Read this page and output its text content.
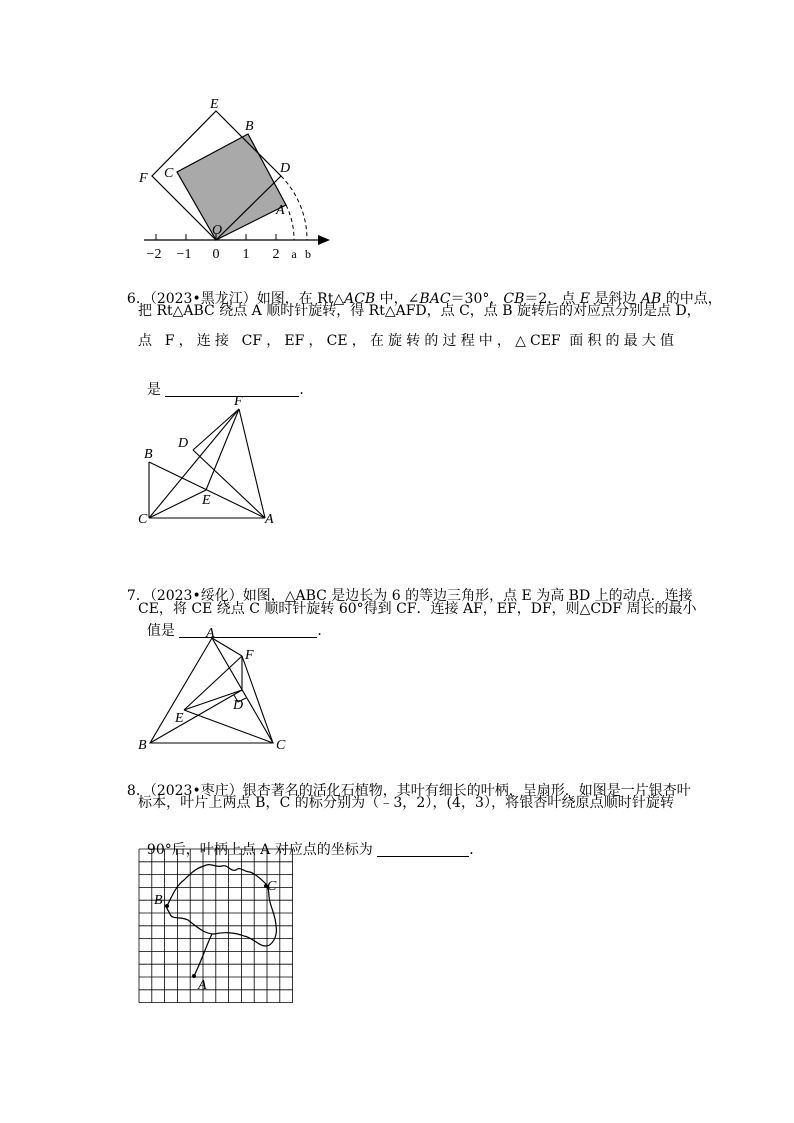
−2 −1 0 1 2 a b
E
B
F C	D
A
O

6．（2023•黑龙江）如图，在 Rt△ACB 中，∠BAC＝30°，CB＝2，点 E 是斜边 AB 的中点，

把 Rt△ABC 绕点 A 顺时针旋转，得 Rt△AFD，点 C，点 B 旋转后的对应点分别是点 D，
点 F，连接 CF，EF，CE，在旋转的过程中，△CEF 面积的最大值

是	．

F
D
B
E
C	A

7．（2023•绥化）如图，△ABC 是边长为 6 的等边三角形，点 E 为高 BD 上的动点．连接

CE，将 CE 绕点 C 顺时针旋转 60°得到 CF．连接 AF，EF，DF，则△CDF 周长的最小

值是	．

A
F
D
E
B	C

8．（2023•枣庄）银杏著名的活化石植物，其叶有细长的叶柄，呈扇形．如图是一片银杏叶

标本，叶片上两点 B，C 的标分别为（﹣3，2），(4，3），将银杏叶绕原点顺时针旋转

90°后，叶柄上点 A 对应点的坐标为	．

B
C
A
